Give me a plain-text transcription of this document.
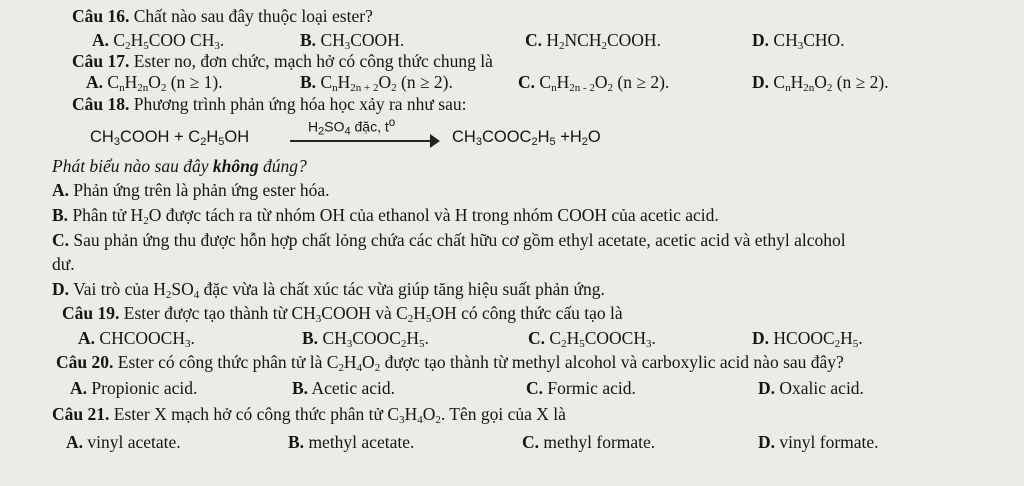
Câu 16. Chất nào sau đây thuộc loại ester?
A. $C_2H_5COO$ $CH_3$.	B. $CH_3COOH$.	C. $H_2NCH_2COOH$.	D. $CH_3CHO$.
Câu 17. Ester no, đơn chức, mạch hở có công thức chung là
A. $C_nH_{2n}O_2$ (n ≥ 1).	B. $C_nH_{2n + 2}O_2$ (n ≥ 2).	C. $C_nH_{2n - 2}O_2$ (n ≥ 2).	D. $C_nH_{2n}O_2$ (n ≥ 2).
Câu 18. Phương trình phản ứng hóa học xảy ra như sau:
$CH_3COOH + C_2H_5OH$
$H_2SO_4$ đặc, $t^o$
$CH_3COOC_2H_5 +H_2O$
Phát biểu nào sau đây không đúng?
A. Phản ứng trên là phản ứng ester hóa.
B. Phân tử $H_2O$ được tách ra từ nhóm OH của ethanol và H trong nhóm COOH của acetic acid.
C. Sau phản ứng thu được hỗn hợp chất lỏng chứa các chất hữu cơ gồm ethyl acetate, acetic acid và ethyl alcohol
dư.
D. Vai trò của $H_2SO_4$ đặc vừa là chất xúc tác vừa giúp tăng hiệu suất phản ứng.
Câu 19. Ester được tạo thành từ $CH_3COOH$ và $C_2H_5OH$ có công thức cấu tạo là
A. $CHCOOCH_3$.	B. $CH_3COOC_2H_5$.	C. $C_2H_5COOCH_3$.	D. $HCOOC_2H_5$.
Câu 20. Ester có công thức phân tử là $C_2H_4O_2$ được tạo thành từ methyl alcohol và carboxylic acid nào sau đây?
A. Propionic acid.	B. Acetic acid.	C. Formic acid.	D. Oxalic acid.
Câu 21. Ester X mạch hở có công thức phân tử $C_3H_4O_2$. Tên gọi của X là
A. vinyl acetate.	B. methyl acetate.	C. methyl formate.	D. vinyl formate.
